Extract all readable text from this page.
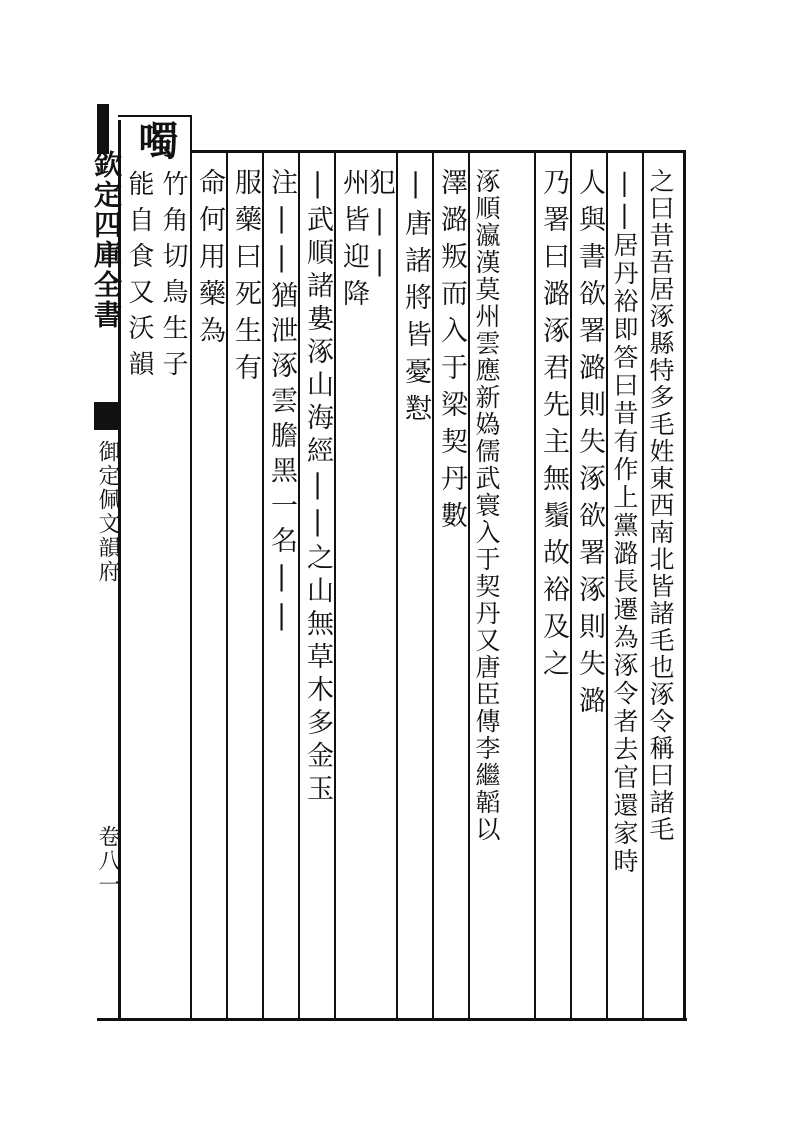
欽定四庫全書
御定佩文韻府
卷八一
噣
竹角切鳥生子
能自食又沃韻 命何用藥為 服藥曰死生有 注||猶泄涿雲膽黑一名|| |武順諸婁涿山海經||之山無草木多金玉 州皆迎降 |唐諸將皆憂懟
犯|| 澤潞叛而入于梁契丹數 涿順瀛漢莫州雲應新媯儒武寰入于契丹又唐臣傳李繼韜以 乃署曰潞涿君先主無鬚故裕及之 人與書欲署潞則失涿欲署涿則失潞 ||居丹裕即答曰昔有作上黨潞長遷為涿令者去官還家時 之曰昔吾居涿縣特多毛姓東西南北皆諸毛也涿令稱曰諸毛
